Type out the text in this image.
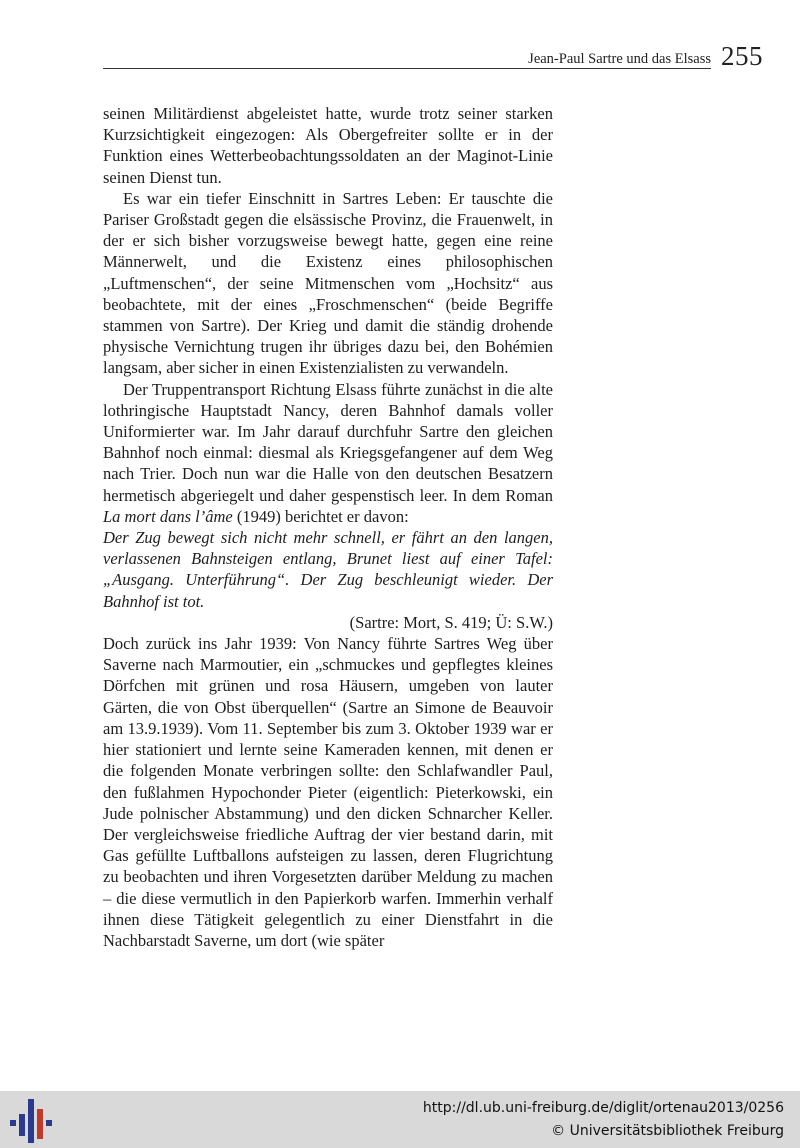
Jean-Paul Sartre und das Elsass 255

seinen Militärdienst abgeleistet hatte, wurde trotz seiner starken Kurzsichtigkeit eingezogen: Als Obergefreiter sollte er in der Funktion eines Wetterbeobachtungssoldaten an der Maginot-Linie seinen Dienst tun.

Es war ein tiefer Einschnitt in Sartres Leben: Er tauschte die Pariser Großstadt gegen die elsässische Provinz, die Frauenwelt, in der er sich bisher vorzugsweise bewegt hatte, gegen eine reine Männerwelt, und die Existenz eines philosophischen „Luftmenschen“, der seine Mitmenschen vom „Hochsitz“ aus beobachtete, mit der eines „Froschmenschen“ (beide Begriffe stammen von Sartre). Der Krieg und damit die ständig drohende physische Vernichtung trugen ihr übriges dazu bei, den Bohémien langsam, aber sicher in einen Existenzialisten zu verwandeln.

Der Truppentransport Richtung Elsass führte zunächst in die alte lothringische Hauptstadt Nancy, deren Bahnhof damals voller Uniformierter war. Im Jahr darauf durchfuhr Sartre den gleichen Bahnhof noch einmal: diesmal als Kriegsgefangener auf dem Weg nach Trier. Doch nun war die Halle von den deutschen Besatzern hermetisch abgeriegelt und daher gespenstisch leer. In dem Roman La mort dans l’âme (1949) berichtet er davon:

Der Zug bewegt sich nicht mehr schnell, er fährt an den langen, verlassenen Bahnsteigen entlang, Brunet liest auf einer Tafel: „Ausgang. Unterführung“. Der Zug beschleunigt wieder. Der Bahnhof ist tot.

(Sartre: Mort, S. 419; Ü: S.W.)

Doch zurück ins Jahr 1939: Von Nancy führte Sartres Weg über Saverne nach Marmoutier, ein „schmuckes und gepflegtes kleines Dörfchen mit grünen und rosa Häusern, umgeben von lauter Gärten, die von Obst überquellen“ (Sartre an Simone de Beauvoir am 13.9.1939). Vom 11. September bis zum 3. Oktober 1939 war er hier stationiert und lernte seine Kameraden kennen, mit denen er die folgenden Monate verbringen sollte: den Schlafwandler Paul, den fußlahmen Hypochonder Pieter (eigentlich: Pieterkowski, ein Jude polnischer Abstammung) und den dicken Schnarcher Keller. Der vergleichsweise friedliche Auftrag der vier bestand darin, mit Gas gefüllte Luftballons aufsteigen zu lassen, deren Flugrichtung zu beobachten und ihren Vorgesetzten darüber Meldung zu machen – die diese vermutlich in den Papierkorb warfen. Immerhin verhalf ihnen diese Tätigkeit gelegentlich zu einer Dienstfahrt in die Nachbarstadt Saverne, um dort (wie später

http://dl.ub.uni-freiburg.de/diglit/ortenau2013/0256
© Universitätsbibliothek Freiburg
